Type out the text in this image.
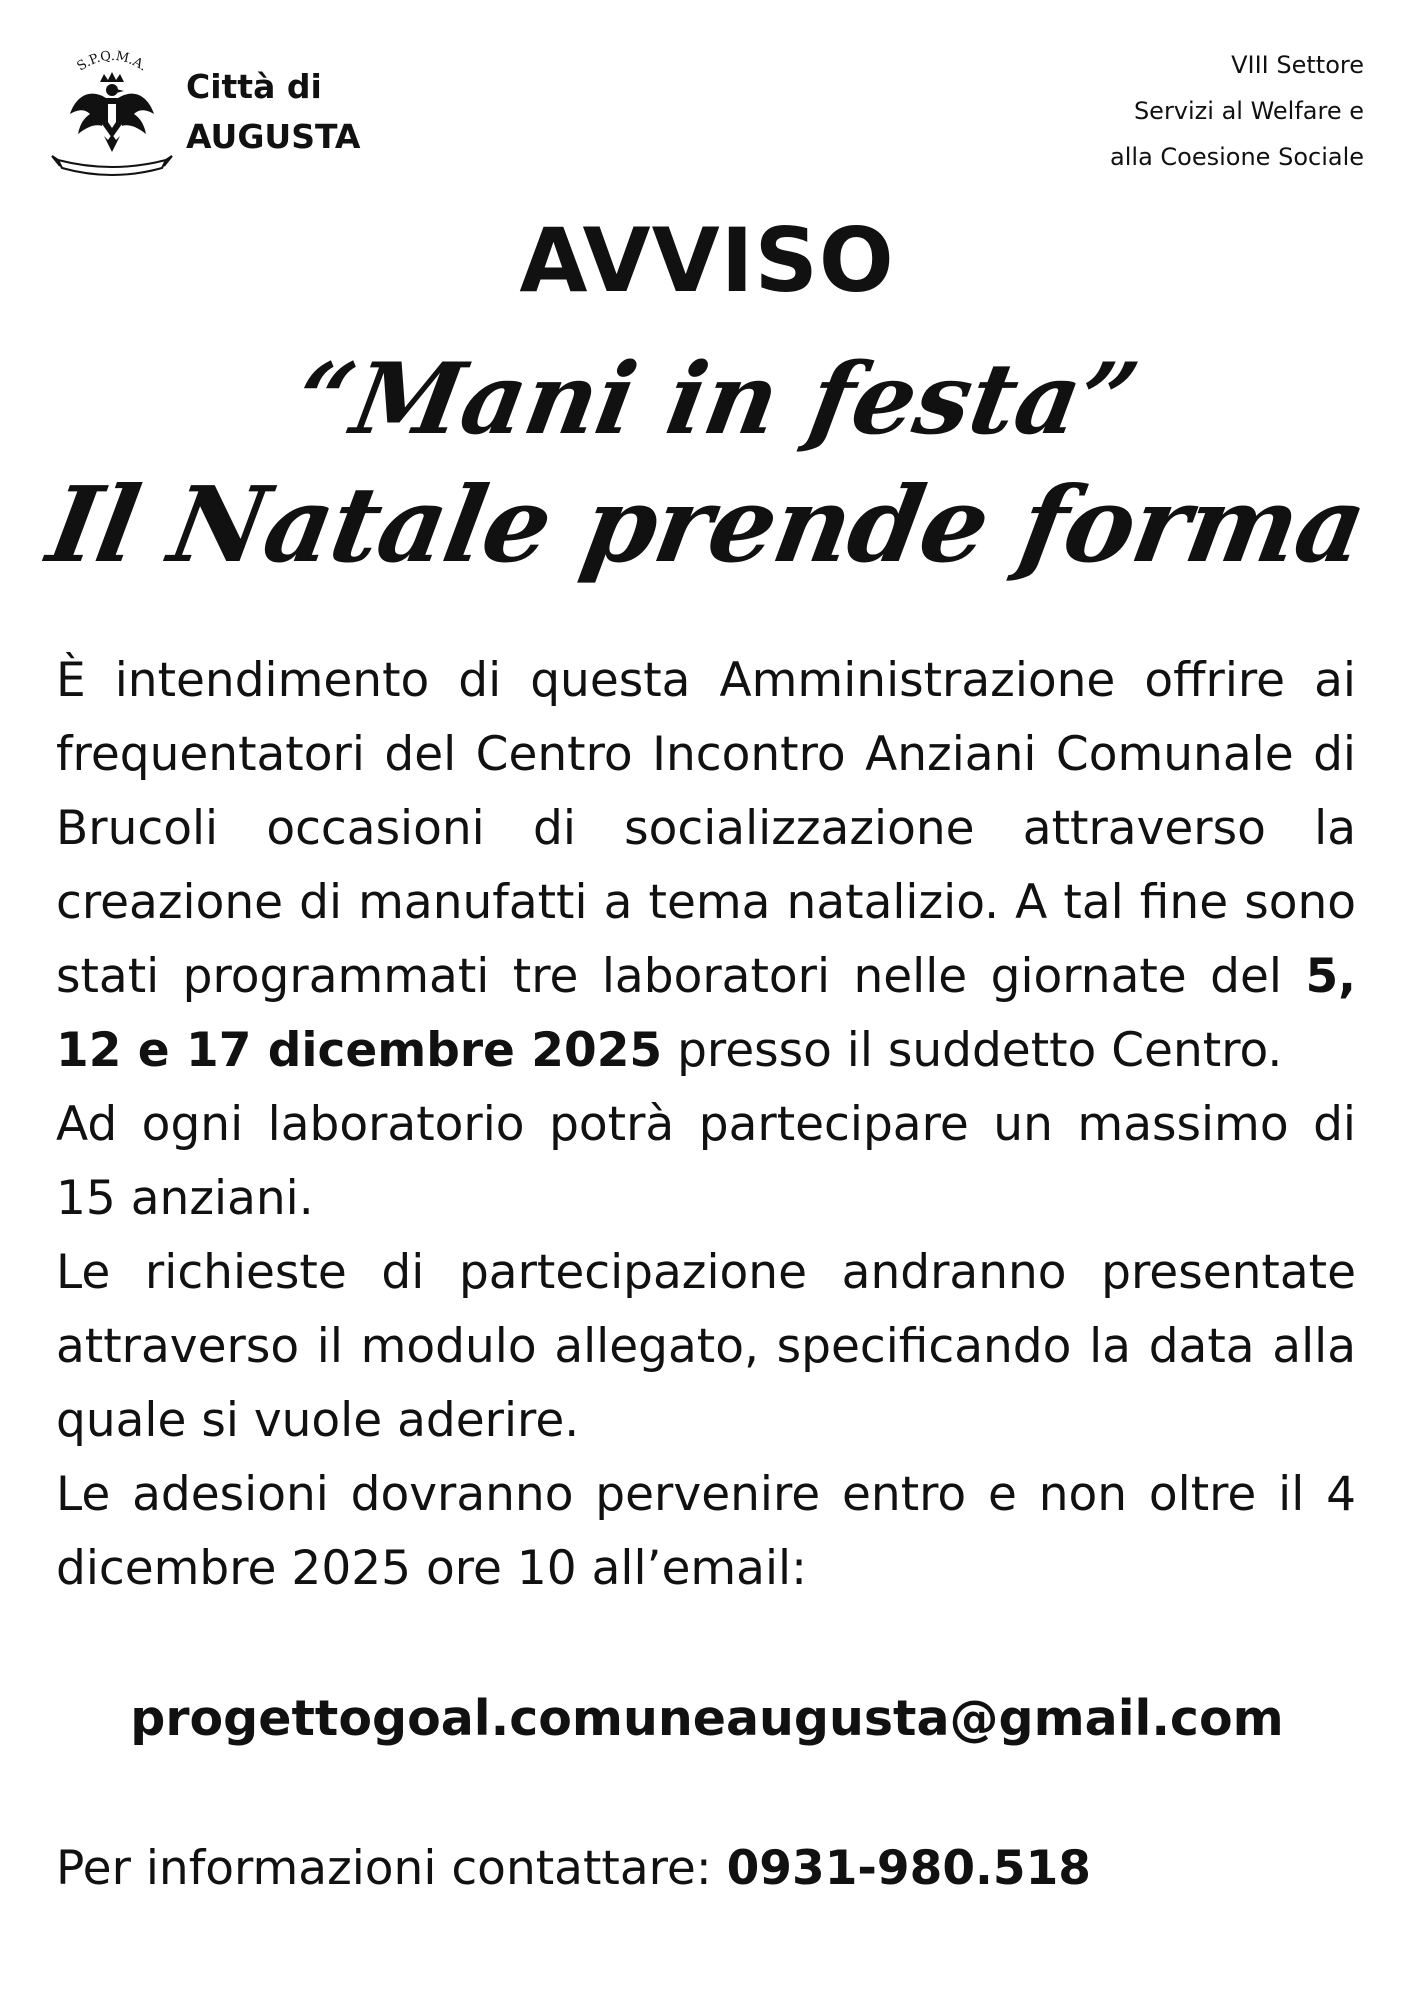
S.P.Q.M.A. Città di
AUGUSTA
VIII Settore
Servizi al Welfare e
alla Coesione Sociale
AVVISO
“Mani in festa”
Il Natale prende forma

È intendimento di questa Amministrazione offrire ai frequentatori del Centro Incontro Anziani Comunale di Brucoli occasioni di socializzazione attraverso la creazione di manufatti a tema natalizio. A tal fine sono stati programmati tre laboratori nelle giornate del 5, 12 e 17 dicembre 2025 presso il suddetto Centro.

Ad ogni laboratorio potrà partecipare un massimo di 15 anziani.

Le richieste di partecipazione andranno presentate attraverso il modulo allegato, specificando la data alla quale si vuole aderire.

Le adesioni dovranno pervenire entro e non oltre il 4 dicembre 2025 ore 10 all’email:

progettogoal.comuneaugusta@gmail.com
Per informazioni contattare: 0931-980.518
